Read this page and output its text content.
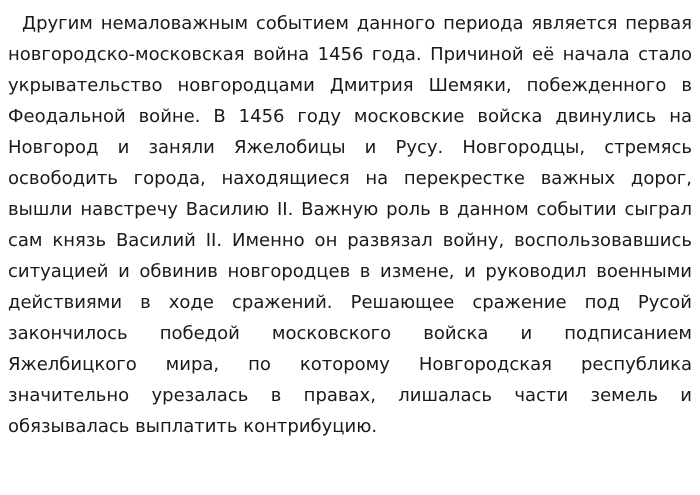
Другим немаловажным событием данного периода является первая новгородско-московская война 1456 года. Причиной её начала стало укрывательство новгородцами Дмитрия Шемяки, побежденного в Феодальной войне. В 1456 году московские войска двинулись на Новгород и заняли Яжелобицы и Русу. Новгородцы, стремясь освободить города, находящиеся на перекрестке важных дорог, вышли навстречу Василию II. Важную роль в данном событии сыграл сам князь Василий II. Именно он развязал войну, воспользовавшись ситуацией и обвинив новгородцев в измене, и руководил военными действиями в ходе сражений. Решающее сражение под Русой закончилось победой московского войска и подписанием Яжелбицкого мира, по которому Новгородская республика значительно урезалась в правах, лишалась части земель и обязывалась выплатить контрибуцию.
